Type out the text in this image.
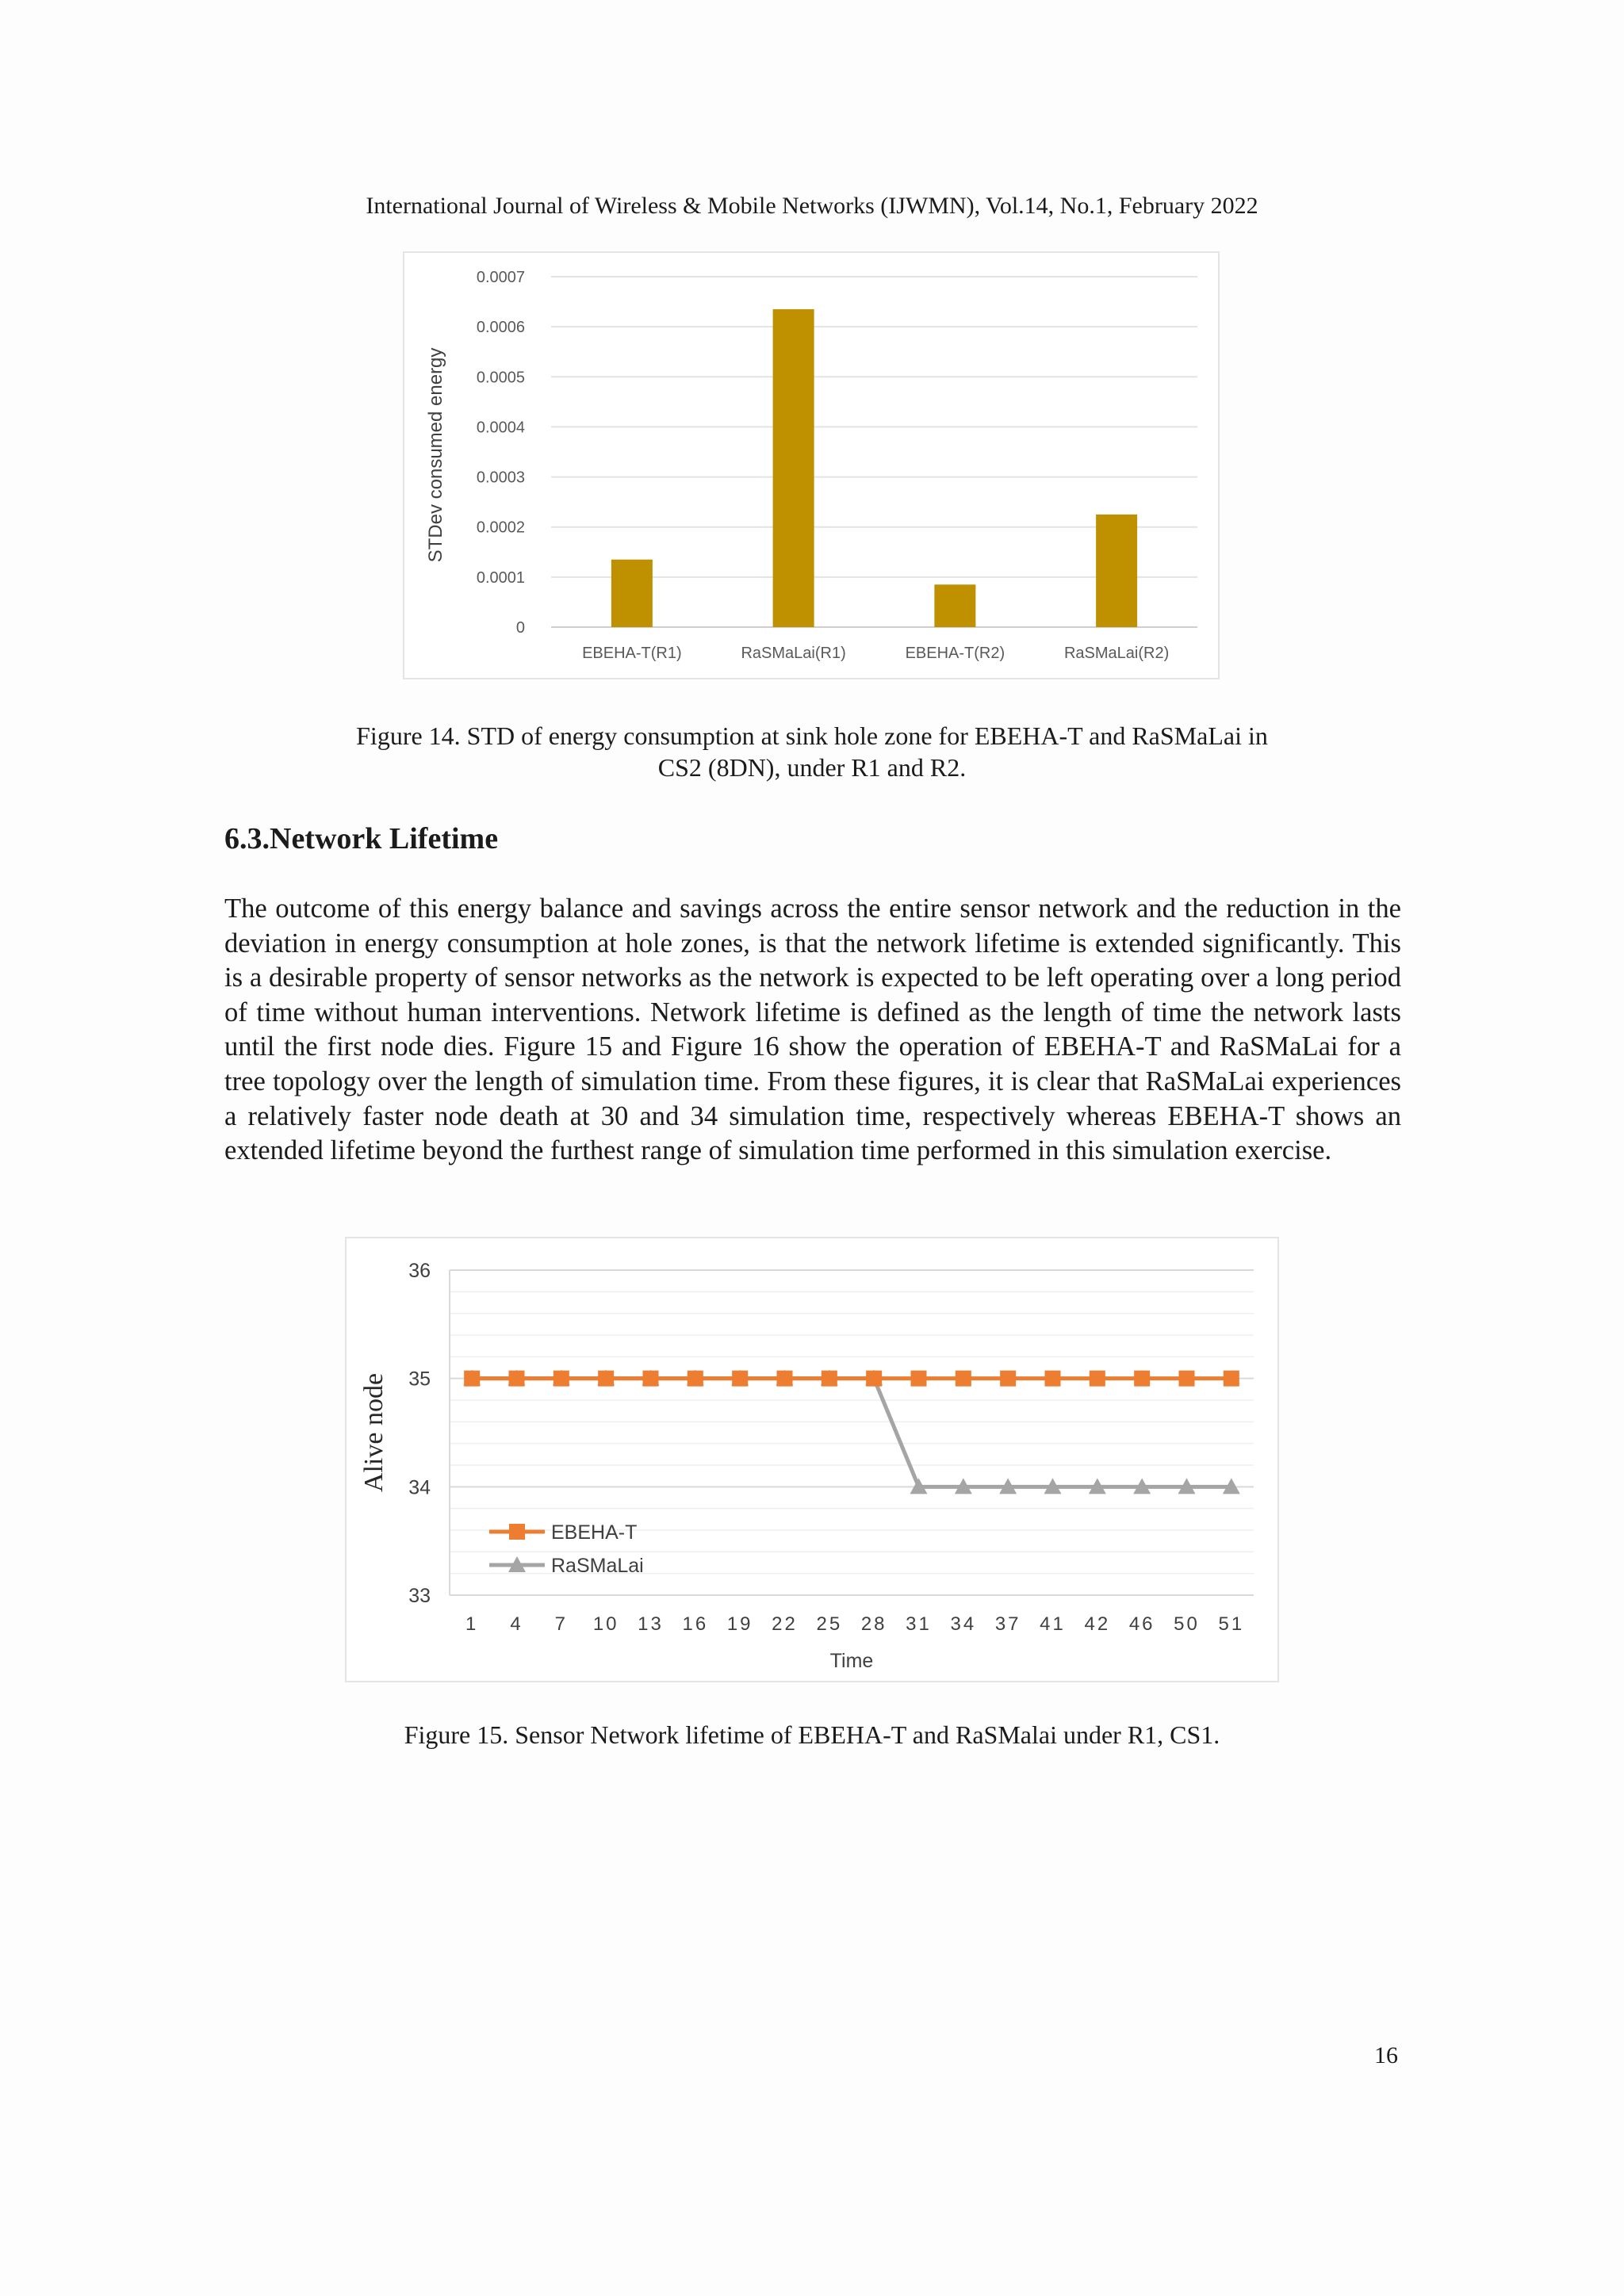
International Journal of Wireless & Mobile Networks (IJWMN), Vol.14, No.1, February 2022
0
0.0001
0.0002
0.0003
0.0004
0.0005
0.0006
0.0007
STDev consumed energy
EBEHA-T(R1)	RaSMaLai(R1)	EBEHA-T(R2)	RaSMaLai(R2)
Figure 14. STD of energy consumption at sink hole zone for EBEHA-T and RaSMaLai in
CS2 (8DN), under R1 and R2.
6.3.Network Lifetime
The outcome of this energy balance and savings across the entire sensor network and the reduction in the deviation in energy consumption at hole zones, is that the network lifetime is extended significantly. This is a desirable property of sensor networks as the network is expected to be left operating over a long period of time without human interventions. Network lifetime is defined as the length of time the network lasts until the first node dies. Figure 15 and Figure 16 show the operation of EBEHA-T and RaSMaLai for a tree topology over the length of simulation time. From these figures, it is clear that RaSMaLai experiences a relatively faster node death at 30 and 34 simulation time, respectively whereas EBEHA-T shows an extended lifetime beyond the furthest range of simulation time performed in this simulation exercise.
33
34
35
36
Alive node
1 4 7 10 13 16 19 22 25 28 31 34 37 41 42 46 50 51
Time
EBEHA-T
RaSMaLai
Figure 15. Sensor Network lifetime of EBEHA-T and RaSMalai under R1, CS1.
16
